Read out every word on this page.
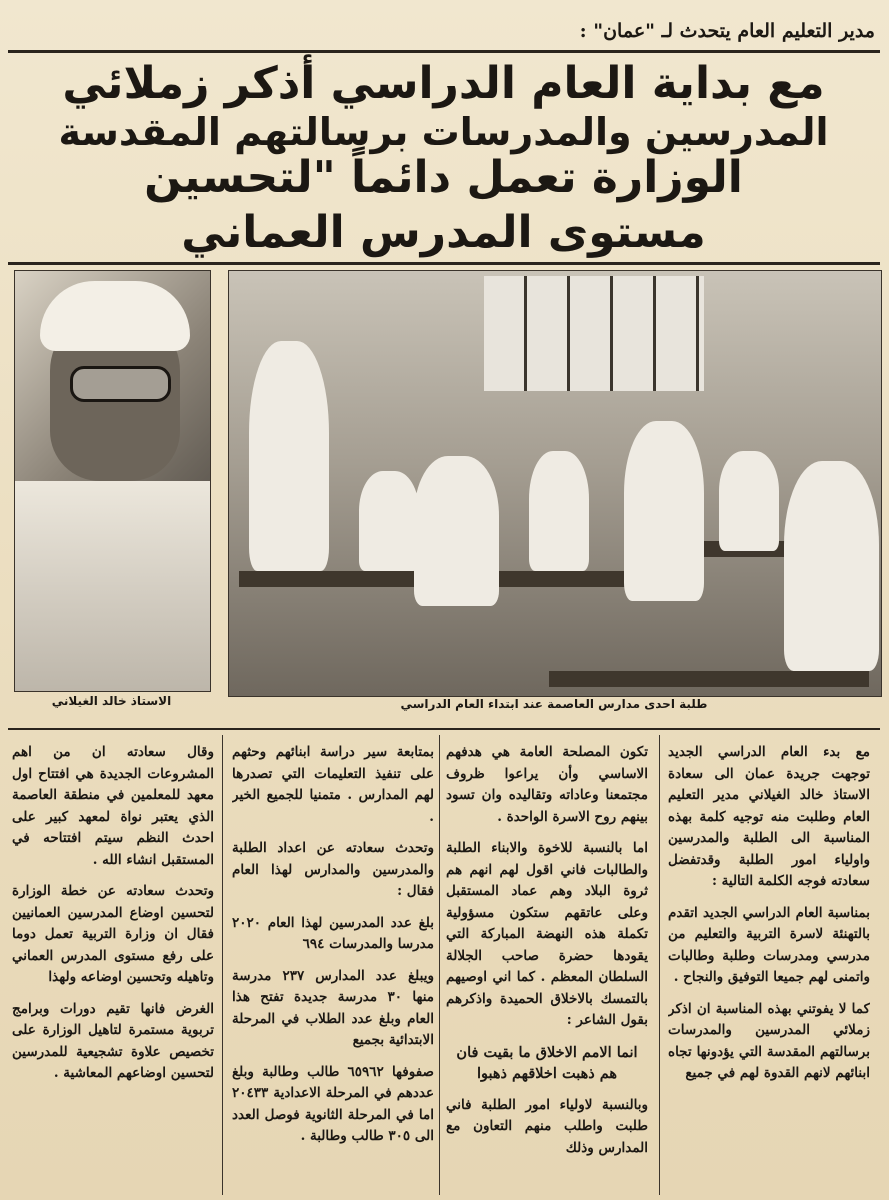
مدير التعليم العام يتحدث لـ "عمان" :
مع بداية العام الدراسي أذكر زملائي
المدرسين والمدرسات برسالتهم المقدسة
الوزارة تعمل دائماً "لتحسين
مستوى المدرس العماني
الاستاذ خالد الغيلاني	طلبة احدى مدارس العاصمة عند ابتداء العام الدراسي

مع بدء العام الدراسي الجديد توجهت جريدة عمان الى سعادة الاستاذ خالد الغيلاني مدير التعليم العام وطلبت منه توجيه كلمة بهذه المناسبة الى الطلبة والمدرسين واولياء امور الطلبة وقدتفضل سعادته فوجه الكلمة التالية :

بمناسبة العام الدراسي الجديد اتقدم بالتهنئة لاسرة التربية والتعليم من مدرسي ومدرسات وطلبة وطالبات واتمنى لهم جميعا التوفيق والنجاح .

كما لا يفوتني بهذه المناسبة ان اذكر زملائي المدرسين والمدرسات برسالتهم المقدسة التي يؤدونها تجاه ابنائهم لانهم القدوة لهم في جميع

تكون المصلحة العامة هي هدفهم الاساسي وأن يراعوا ظروف مجتمعنا وعاداته وتقاليده وان تسود بينهم روح الاسرة الواحدة .

اما بالنسبة للاخوة والابناء الطلبة والطالبات فاني اقول لهم انهم هم ثروة البلاد وهم عماد المستقبل وعلى عاتقهم ستكون مسؤولية تكملة هذه النهضة المباركة التي يقودها حضرة صاحب الجلالة السلطان المعظم . كما اني اوصيهم بالتمسك بالاخلاق الحميدة واذكرهم بقول الشاعر :

انما الامم الاخلاق ما بقيت فان هم ذهبت اخلاقهم ذهبوا

وبالنسبة لاولياء امور الطلبة فاني طلبت واطلب منهم التعاون مع المدارس وذلك

بمتابعة سير دراسة ابنائهم وحثهم على تنفيذ التعليمات التي تصدرها لهم المدارس . متمنيا للجميع الخير .

وتحدث سعادته عن اعداد الطلبة والمدرسين والمدارس لهذا العام فقال :

بلغ عدد المدرسين لهذا العام ٢٠٢٠ مدرسا والمدرسات ٦٩٤

ويبلغ عدد المدارس ٢٣٧ مدرسة منها ٣٠ مدرسة جديدة تفتح هذا العام وبلغ عدد الطلاب في المرحلة الابتدائية بجميع

صفوفها ٦٥٩٦٢ طالب وطالبة وبلغ عددهم في المرحلة الاعدادية ٢٠٤٣٣ اما في المرحلة الثانوية فوصل العدد الى ٣٠٥ طالب وطالبة .

وقال سعادته ان من اهم المشروعات الجديدة هي افتتاح اول معهد للمعلمين في منطقة العاصمة الذي يعتبر نواة لمعهد كبير على احدث النظم سيتم افتتاحه في المستقبل انشاء الله .

وتحدث سعادته عن خطة الوزارة لتحسين اوضاع المدرسين العمانيين فقال ان وزارة التربية تعمل دوما على رفع مستوى المدرس العماني وتاهيله وتحسين اوضاعه ولهذا

الغرض فانها تقيم دورات وبرامج تربوية مستمرة لتاهيل الوزارة على تخصيص علاوة تشجيعية للمدرسين لتحسين اوضاعهم المعاشية .
